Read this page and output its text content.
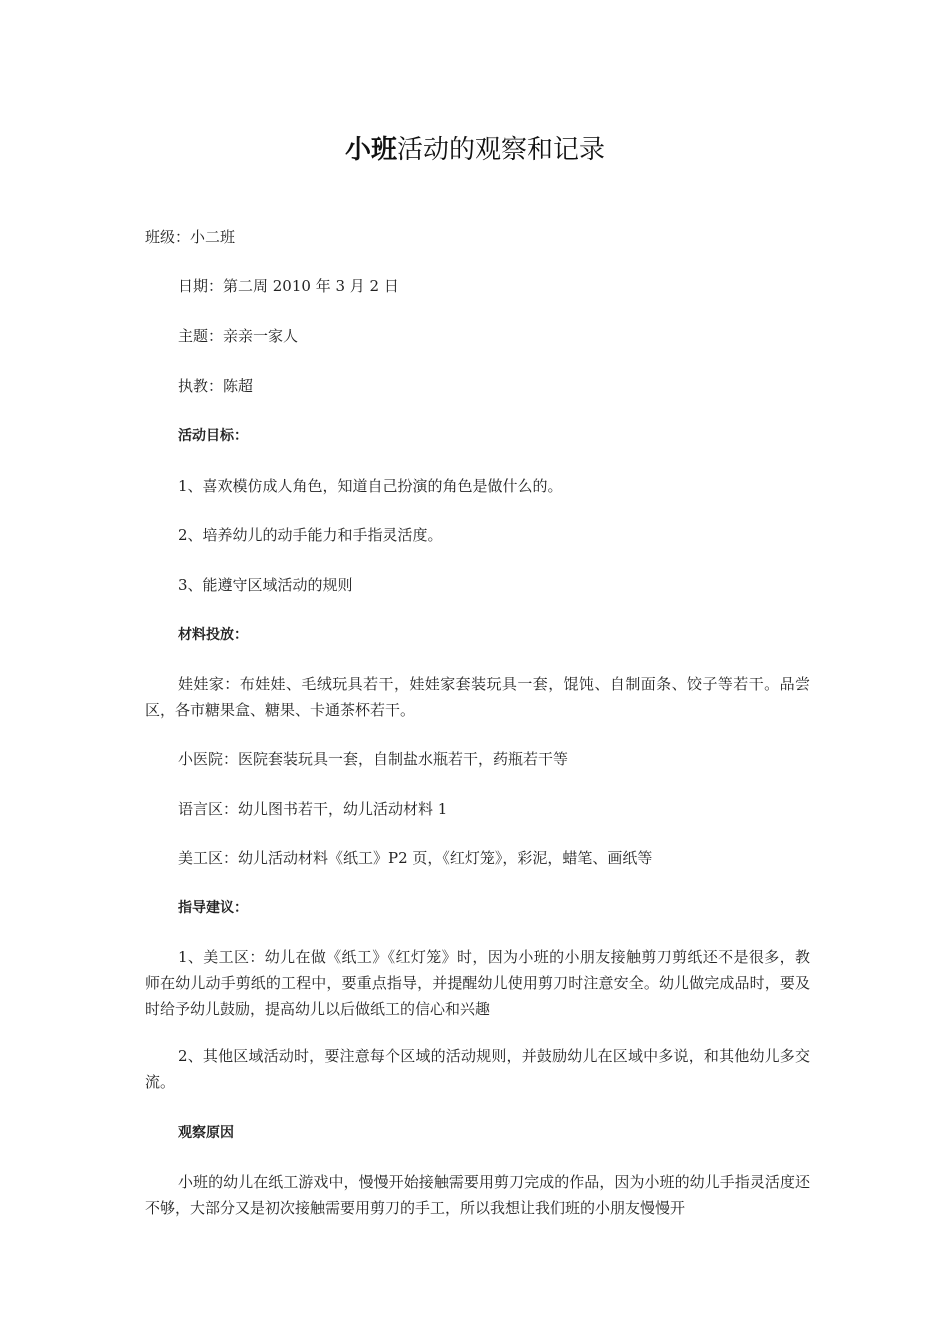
小班活动的观察和记录
班级：小二班
日期：第二周 2010 年 3 月 2 日
主题：亲亲一家人
执教：陈超
活动目标：
1、喜欢模仿成人角色，知道自己扮演的角色是做什么的。
2、培养幼儿的动手能力和手指灵活度。
3、能遵守区域活动的规则
材料投放：
娃娃家：布娃娃、毛绒玩具若干，娃娃家套装玩具一套，馄饨、自制面条、饺子等若干。品尝区，各市糖果盒、糖果、卡通茶杯若干。
小医院：医院套装玩具一套，自制盐水瓶若干，药瓶若干等
语言区：幼儿图书若干，幼儿活动材料 1
美工区：幼儿活动材料《纸工》P2 页，《红灯笼》，彩泥，蜡笔、画纸等
指导建议：
1、美工区：幼儿在做《纸工》《红灯笼》时，因为小班的小朋友接触剪刀剪纸还不是很多，教师在幼儿动手剪纸的工程中，要重点指导，并提醒幼儿使用剪刀时注意安全。幼儿做完成品时，要及时给予幼儿鼓励，提高幼儿以后做纸工的信心和兴趣
2、其他区域活动时，要注意每个区域的活动规则，并鼓励幼儿在区域中多说，和其他幼儿多交流。
观察原因
小班的幼儿在纸工游戏中，慢慢开始接触需要用剪刀完成的作品，因为小班的幼儿手指灵活度还不够，大部分又是初次接触需要用剪刀的手工，所以我想让我们班的小朋友慢慢开
